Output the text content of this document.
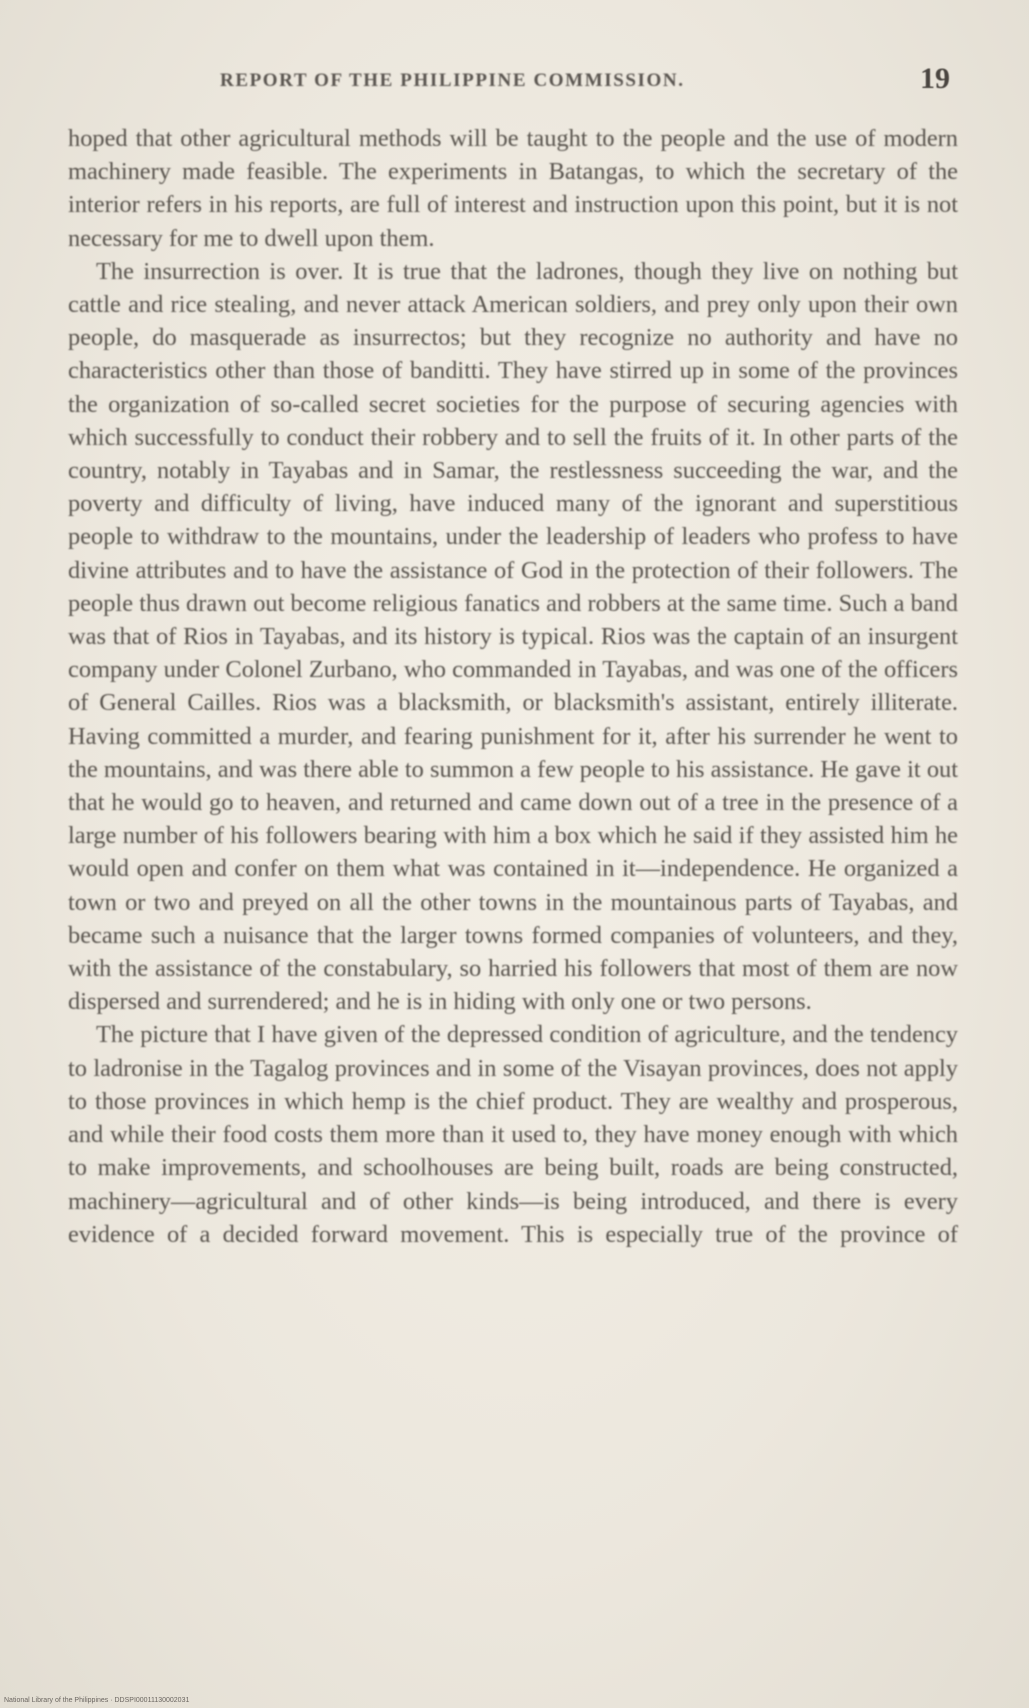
REPORT OF THE PHILIPPINE COMMISSION.	19

hoped that other agricultural methods will be taught to the people and the use of modern machinery made feasible. The experiments in Batangas, to which the secretary of the interior refers in his reports, are full of interest and instruction upon this point, but it is not necessary for me to dwell upon them.

The insurrection is over. It is true that the ladrones, though they live on nothing but cattle and rice stealing, and never attack American soldiers, and prey only upon their own people, do masquerade as insurrectos; but they recognize no authority and have no characteristics other than those of banditti. They have stirred up in some of the provinces the organization of so-called secret societies for the purpose of securing agencies with which successfully to conduct their robbery and to sell the fruits of it. In other parts of the country, notably in Tayabas and in Samar, the restlessness succeeding the war, and the poverty and difficulty of living, have induced many of the ignorant and superstitious people to withdraw to the mountains, under the leadership of leaders who profess to have divine attributes and to have the assistance of God in the protection of their followers. The people thus drawn out become religious fanatics and robbers at the same time. Such a band was that of Rios in Tayabas, and its history is typical. Rios was the captain of an insurgent company under Colonel Zurbano, who commanded in Tayabas, and was one of the officers of General Cailles. Rios was a blacksmith, or blacksmith's assistant, entirely illiterate. Having committed a murder, and fearing punishment for it, after his surrender he went to the mountains, and was there able to summon a few people to his assistance. He gave it out that he would go to heaven, and returned and came down out of a tree in the presence of a large number of his followers bearing with him a box which he said if they assisted him he would open and confer on them what was contained in it—independence. He organized a town or two and preyed on all the other towns in the mountainous parts of Tayabas, and became such a nuisance that the larger towns formed companies of volunteers, and they, with the assistance of the constabulary, so harried his followers that most of them are now dispersed and surrendered; and he is in hiding with only one or two persons.

The picture that I have given of the depressed condition of agriculture, and the tendency to ladronise in the Tagalog provinces and in some of the Visayan provinces, does not apply to those provinces in which hemp is the chief product. They are wealthy and prosperous, and while their food costs them more than it used to, they have money enough with which to make improvements, and schoolhouses are being built, roads are being constructed, machinery—agricultural and of other kinds—is being introduced, and there is every evidence of a decided forward movement. This is especially true of the province of

National Library of the Philippines · DDSPI00011130002031
